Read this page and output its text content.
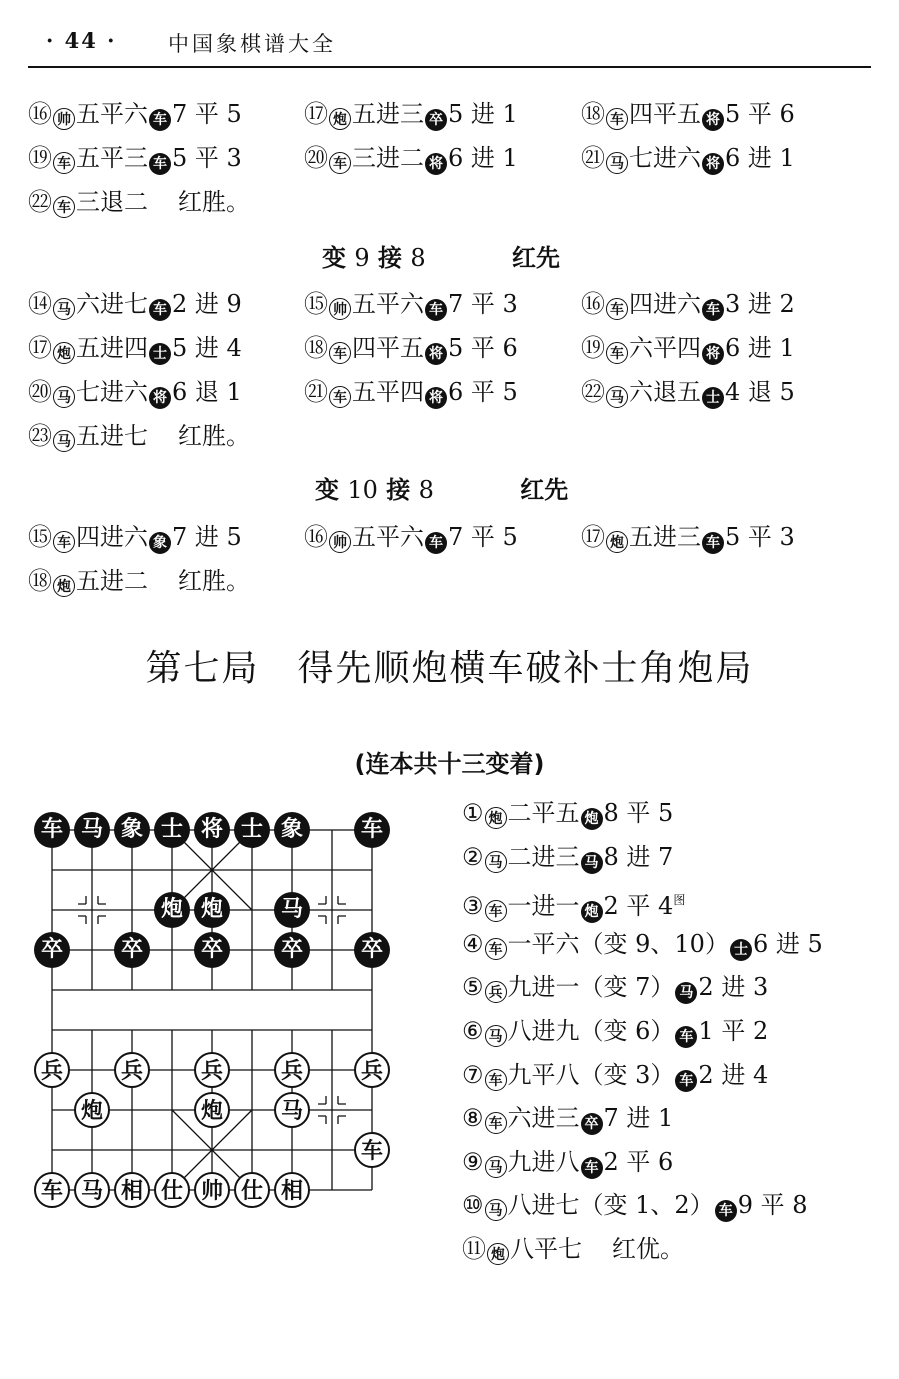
· 44 · 中国象棋谱大全
⑯ 帅 五平六 车 7 平 5	⑰ 炮 五进三 卒 5 进 1	⑱ 车 四平五 将 5 平 6
⑲ 车 五平三 车 5 平 3	⑳ 车 三进二 将 6 进 1	㉑ 马 七进六 将 6 进 1
㉒ 车 三退二 红胜。
变 9 接 8	红先
⑭ 马 六进七 车 2 进 9	⑮ 帅 五平六 车 7 平 3	⑯ 车 四进六 车 3 进 2
⑰ 炮 五进四 士 5 进 4	⑱ 车 四平五 将 5 平 6	⑲ 车 六平四 将 6 进 1
⑳ 马 七进六 将 6 退 1	㉑ 车 五平四 将 6 平 5	㉒ 马 六退五 士 4 退 5
㉓ 马 五进七 红胜。
变 10 接 8	红先
⑮ 车 四进六 象 7 进 5	⑯ 帅 五平六 车 7 平 5	⑰ 炮 五进三 车 5 平 3
⑱ 炮 五进二 红胜。
第七局　得先顺炮横车破补士角炮局
(连本共十三变着)
车 马 象 士 将 士 象	车
炮 炮	马
卒	卒	卒	卒	卒
兵	兵	兵	兵	兵
炮	炮	马
车
车 马 相 仕 帅 仕 相
① 炮 二平五 炮 8 平 5
② 马 二进三 马 8 进 7
③ 车 一进一 炮 2 平 $4^图$
④ 车 一平六（变 9、10） 士 6 进 5
⑤ 兵 九进一（变 7） 马 2 进 3
⑥ 马 八进九（变 6） 车 1 平 2
⑦ 车 九平八（变 3） 车 2 进 4
⑧ 车 六进三 卒 7 进 1
⑨ 马 九进八 车 2 平 6
⑩ 马 八进七（变 1、2） 车 9 平 8
⑪ 炮 八平七 红优。
